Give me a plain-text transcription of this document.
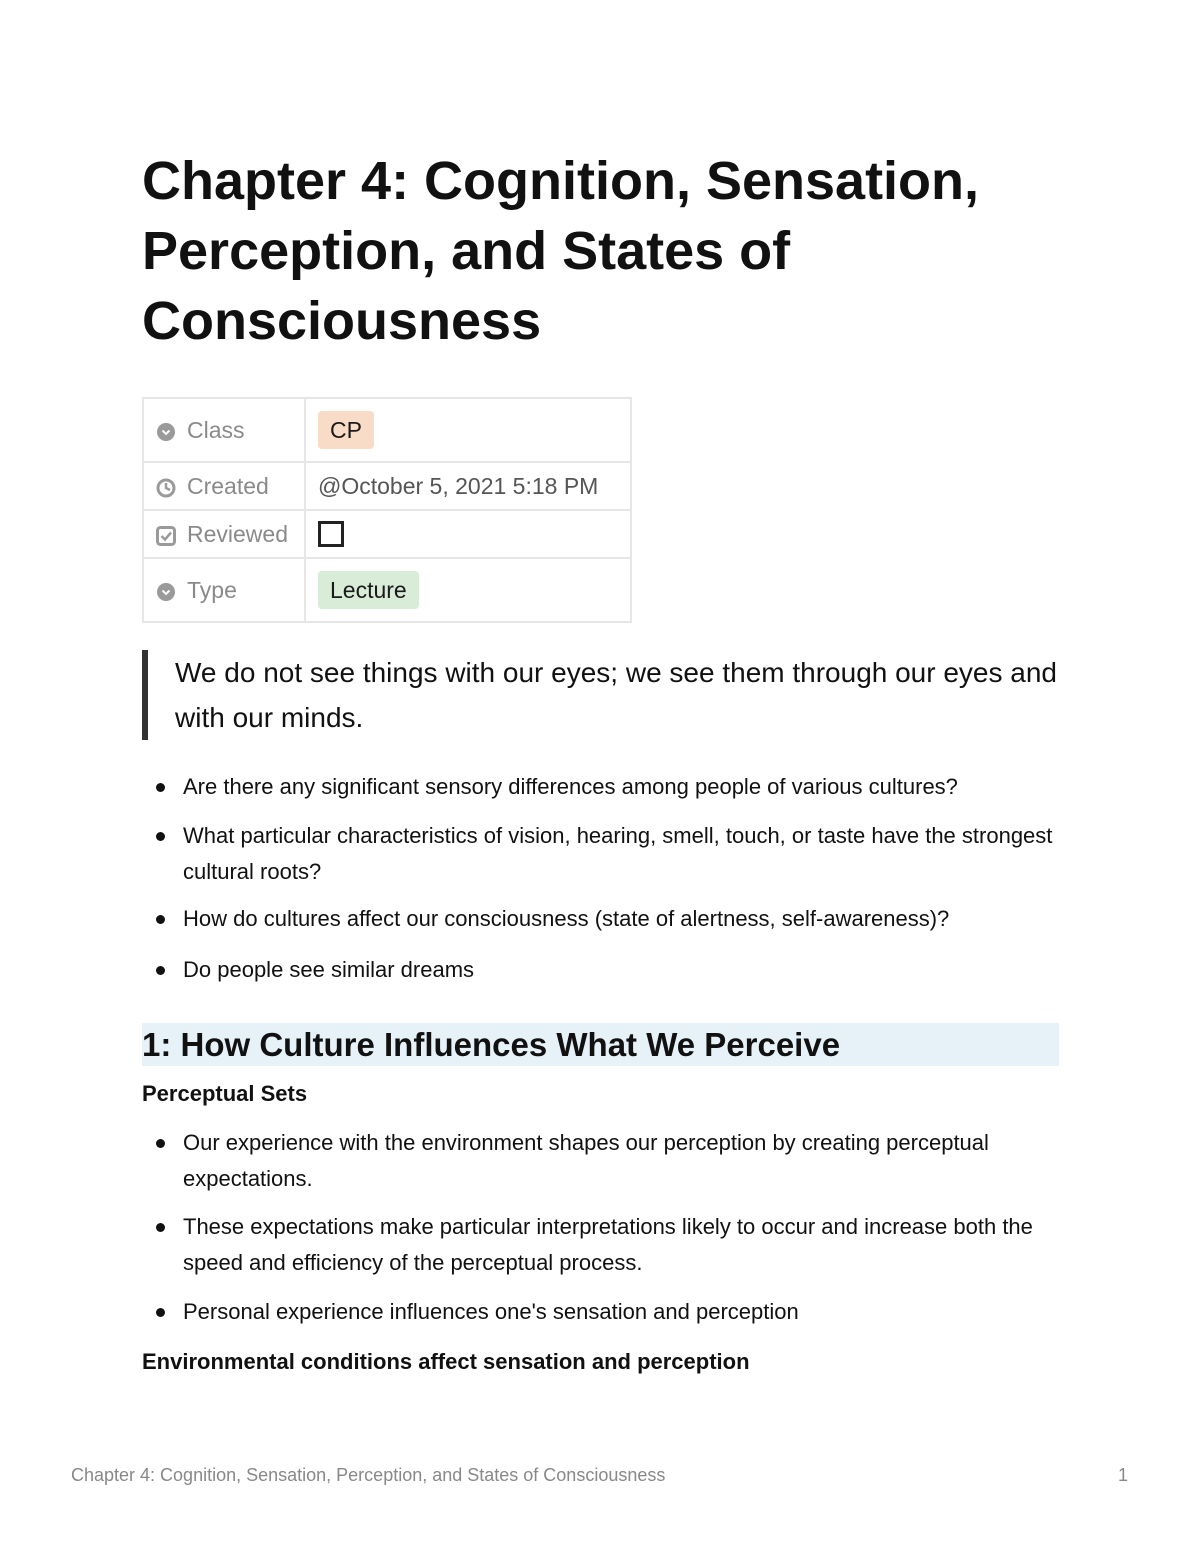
Chapter 4: Cognition, Sensation, Perception, and States of Consciousness
Class	CP
Created	@October 5, 2021 5:18 PM
Reviewed	
Type	Lecture
We do not see things with our eyes; we see them through our eyes and with our minds.
Are there any significant sensory differences among people of various cultures?
What particular characteristics of vision, hearing, smell, touch, or taste have the strongest cultural roots?
How do cultures affect our consciousness (state of alertness, self-awareness)?
Do people see similar dreams
1: How Culture Influences What We Perceive
Perceptual Sets
Our experience with the environment shapes our perception by creating perceptual expectations.
These expectations make particular interpretations likely to occur and increase both the speed and efficiency of the perceptual process.
Personal experience influences one's sensation and perception
Environmental conditions affect sensation and perception
Chapter 4: Cognition, Sensation, Perception, and States of Consciousness	1
